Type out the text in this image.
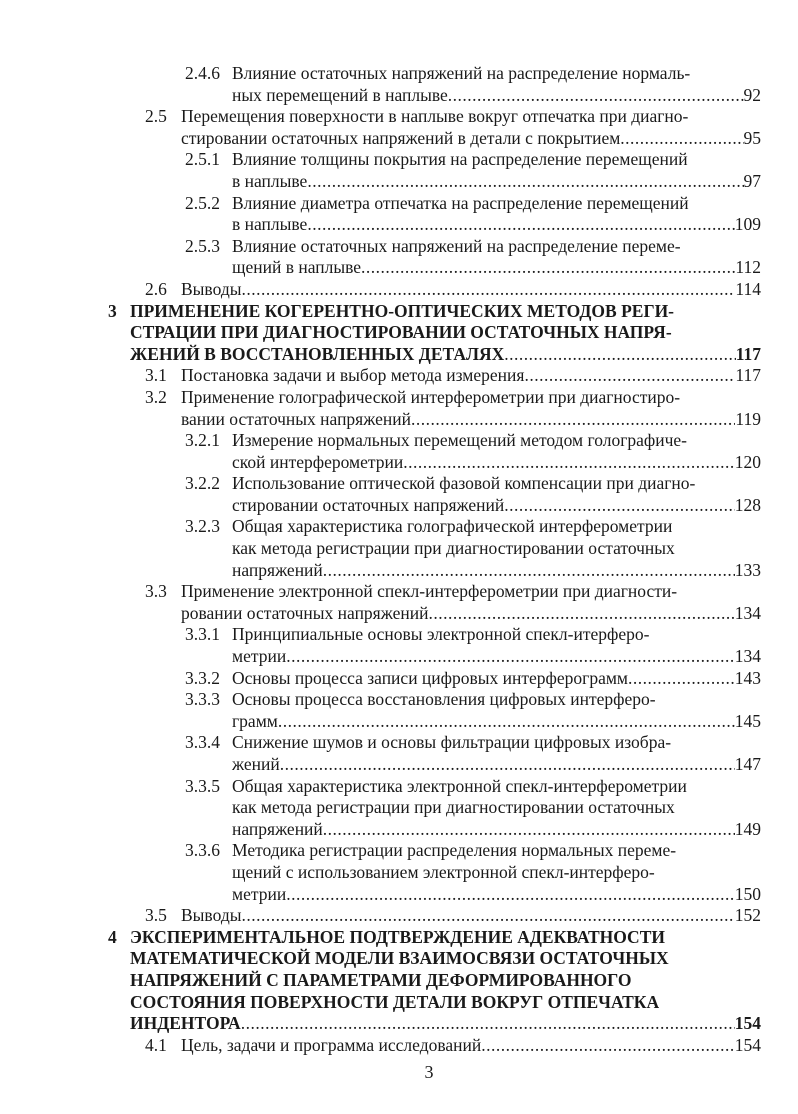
2.4.6 Влияние остаточных напряжений на распределение нормаль-
ных перемещений в наплыве .....	92
2.5 Перемещения поверхности в наплыве вокруг отпечатка при диагно-
стировании остаточных напряжений в детали с покрытием .....	95
2.5.1 Влияние толщины покрытия на распределение перемещений
в наплыве .....	97
2.5.2 Влияние диаметра отпечатка на распределение перемещений
в наплыве .....	109
2.5.3 Влияние остаточных напряжений на распределение переме-
щений в наплыве .....	112
2.6 Выводы .....	114
3 ПРИМЕНЕНИЕ КОГЕРЕНТНО-ОПТИЧЕСКИХ МЕТОДОВ РЕГИ-
СТРАЦИИ ПРИ ДИАГНОСТИРОВАНИИ ОСТАТОЧНЫХ НАПРЯ-
ЖЕНИЙ В ВОССТАНОВЛЕННЫХ ДЕТАЛЯХ .....	117
3.1 Постановка задачи и выбор метода измерения .....	117
3.2 Применение голографической интерферометрии при диагностиро-
вании остаточных напряжений .....	119
3.2.1 Измерение нормальных перемещений методом голографиче-
ской интерферометрии .....	120
3.2.2 Использование оптической фазовой компенсации при диагно-
стировании остаточных напряжений .....	128
3.2.3 Общая характеристика голографической интерферометрии
как метода регистрации при диагностировании остаточных
напряжений .....	133
3.3 Применение электронной спекл-интерферометрии при диагности-
ровании остаточных напряжений .....	134
3.3.1 Принципиальные основы электронной спекл-итерферо-
метрии .....	134
3.3.2 Основы процесса записи цифровых интерферограмм .....	143
3.3.3 Основы процесса восстановления цифровых интерферо-
грамм .....	145
3.3.4 Снижение шумов и основы фильтрации цифровых изобра-
жений .....	147
3.3.5 Общая характеристика электронной спекл-интерферометрии
как метода регистрации при диагностировании остаточных
напряжений .....	149
3.3.6 Методика регистрации распределения нормальных переме-
щений с использованием электронной спекл-интерферо-
метрии .....	150
3.5 Выводы .....	152
4 ЭКСПЕРИМЕНТАЛЬНОЕ ПОДТВЕРЖДЕНИЕ АДЕКВАТНОСТИ
МАТЕМАТИЧЕСКОЙ МОДЕЛИ ВЗАИМОСВЯЗИ ОСТАТОЧНЫХ
НАПРЯЖЕНИЙ С ПАРАМЕТРАМИ ДЕФОРМИРОВАННОГО
СОСТОЯНИЯ ПОВЕРХНОСТИ ДЕТАЛИ ВОКРУГ ОТПЕЧАТКА
ИНДЕНТОРА .....	154
4.1 Цель, задачи и программа исследований .....	154
3
